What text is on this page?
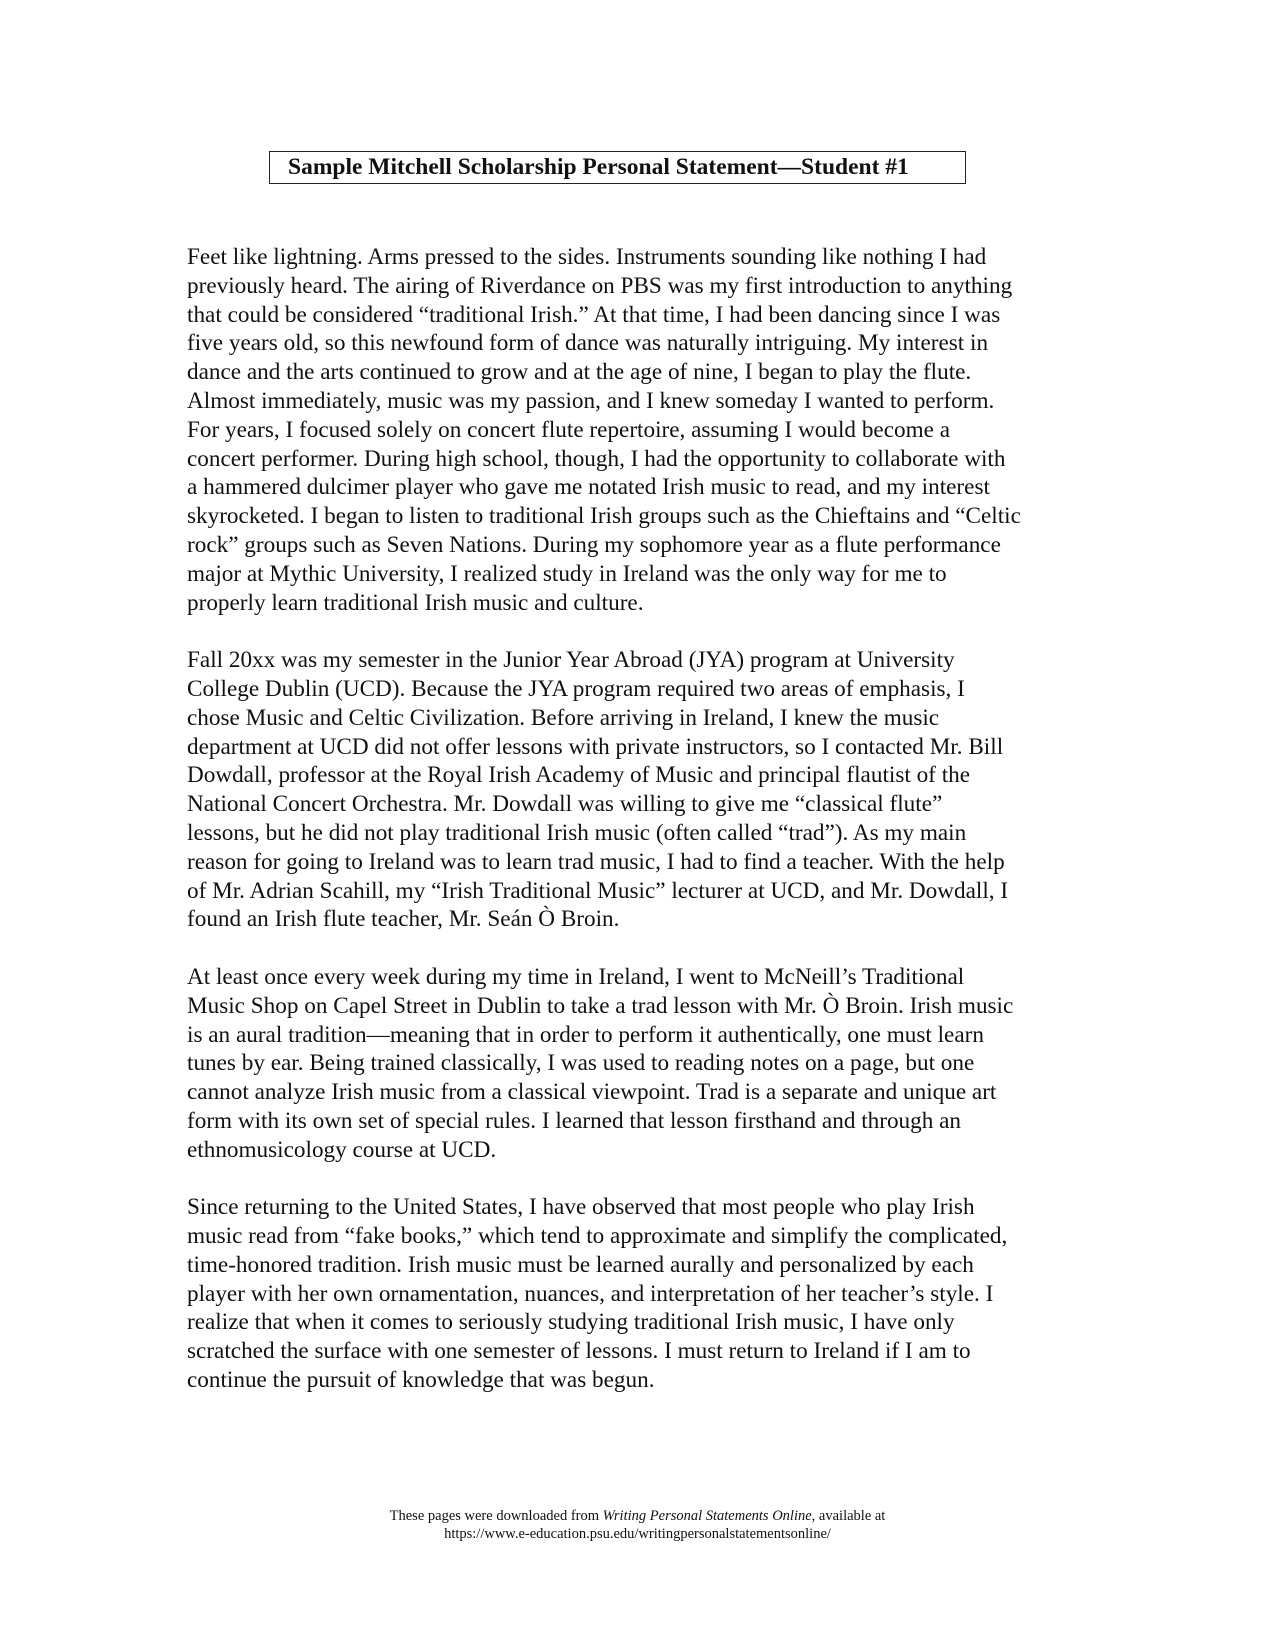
Sample Mitchell Scholarship Personal Statement—Student #1

Feet like lightning. Arms pressed to the sides. Instruments sounding like nothing I had
previously heard. The airing of Riverdance on PBS was my first introduction to anything
that could be considered “traditional Irish.” At that time, I had been dancing since I was
five years old, so this newfound form of dance was naturally intriguing. My interest in
dance and the arts continued to grow and at the age of nine, I began to play the flute.
Almost immediately, music was my passion, and I knew someday I wanted to perform.
For years, I focused solely on concert flute repertoire, assuming I would become a
concert performer. During high school, though, I had the opportunity to collaborate with
a hammered dulcimer player who gave me notated Irish music to read, and my interest
skyrocketed. I began to listen to traditional Irish groups such as the Chieftains and “Celtic
rock” groups such as Seven Nations. During my sophomore year as a flute performance
major at Mythic University, I realized study in Ireland was the only way for me to
properly learn traditional Irish music and culture.

Fall 20xx was my semester in the Junior Year Abroad (JYA) program at University
College Dublin (UCD). Because the JYA program required two areas of emphasis, I
chose Music and Celtic Civilization. Before arriving in Ireland, I knew the music
department at UCD did not offer lessons with private instructors, so I contacted Mr. Bill
Dowdall, professor at the Royal Irish Academy of Music and principal flautist of the
National Concert Orchestra. Mr. Dowdall was willing to give me “classical flute”
lessons, but he did not play traditional Irish music (often called “trad”). As my main
reason for going to Ireland was to learn trad music, I had to find a teacher. With the help
of Mr. Adrian Scahill, my “Irish Traditional Music” lecturer at UCD, and Mr. Dowdall, I
found an Irish flute teacher, Mr. Seán Ò Broin.

At least once every week during my time in Ireland, I went to McNeill’s Traditional
Music Shop on Capel Street in Dublin to take a trad lesson with Mr. Ò Broin. Irish music
is an aural tradition—meaning that in order to perform it authentically, one must learn
tunes by ear. Being trained classically, I was used to reading notes on a page, but one
cannot analyze Irish music from a classical viewpoint. Trad is a separate and unique art
form with its own set of special rules. I learned that lesson firsthand and through an
ethnomusicology course at UCD.

Since returning to the United States, I have observed that most people who play Irish
music read from “fake books,” which tend to approximate and simplify the complicated,
time-honored tradition. Irish music must be learned aurally and personalized by each
player with her own ornamentation, nuances, and interpretation of her teacher’s style. I
realize that when it comes to seriously studying traditional Irish music, I have only
scratched the surface with one semester of lessons. I must return to Ireland if I am to
continue the pursuit of knowledge that was begun.

These pages were downloaded from Writing Personal Statements Online, available at
https://www.e-education.psu.edu/writingpersonalstatementsonline/
